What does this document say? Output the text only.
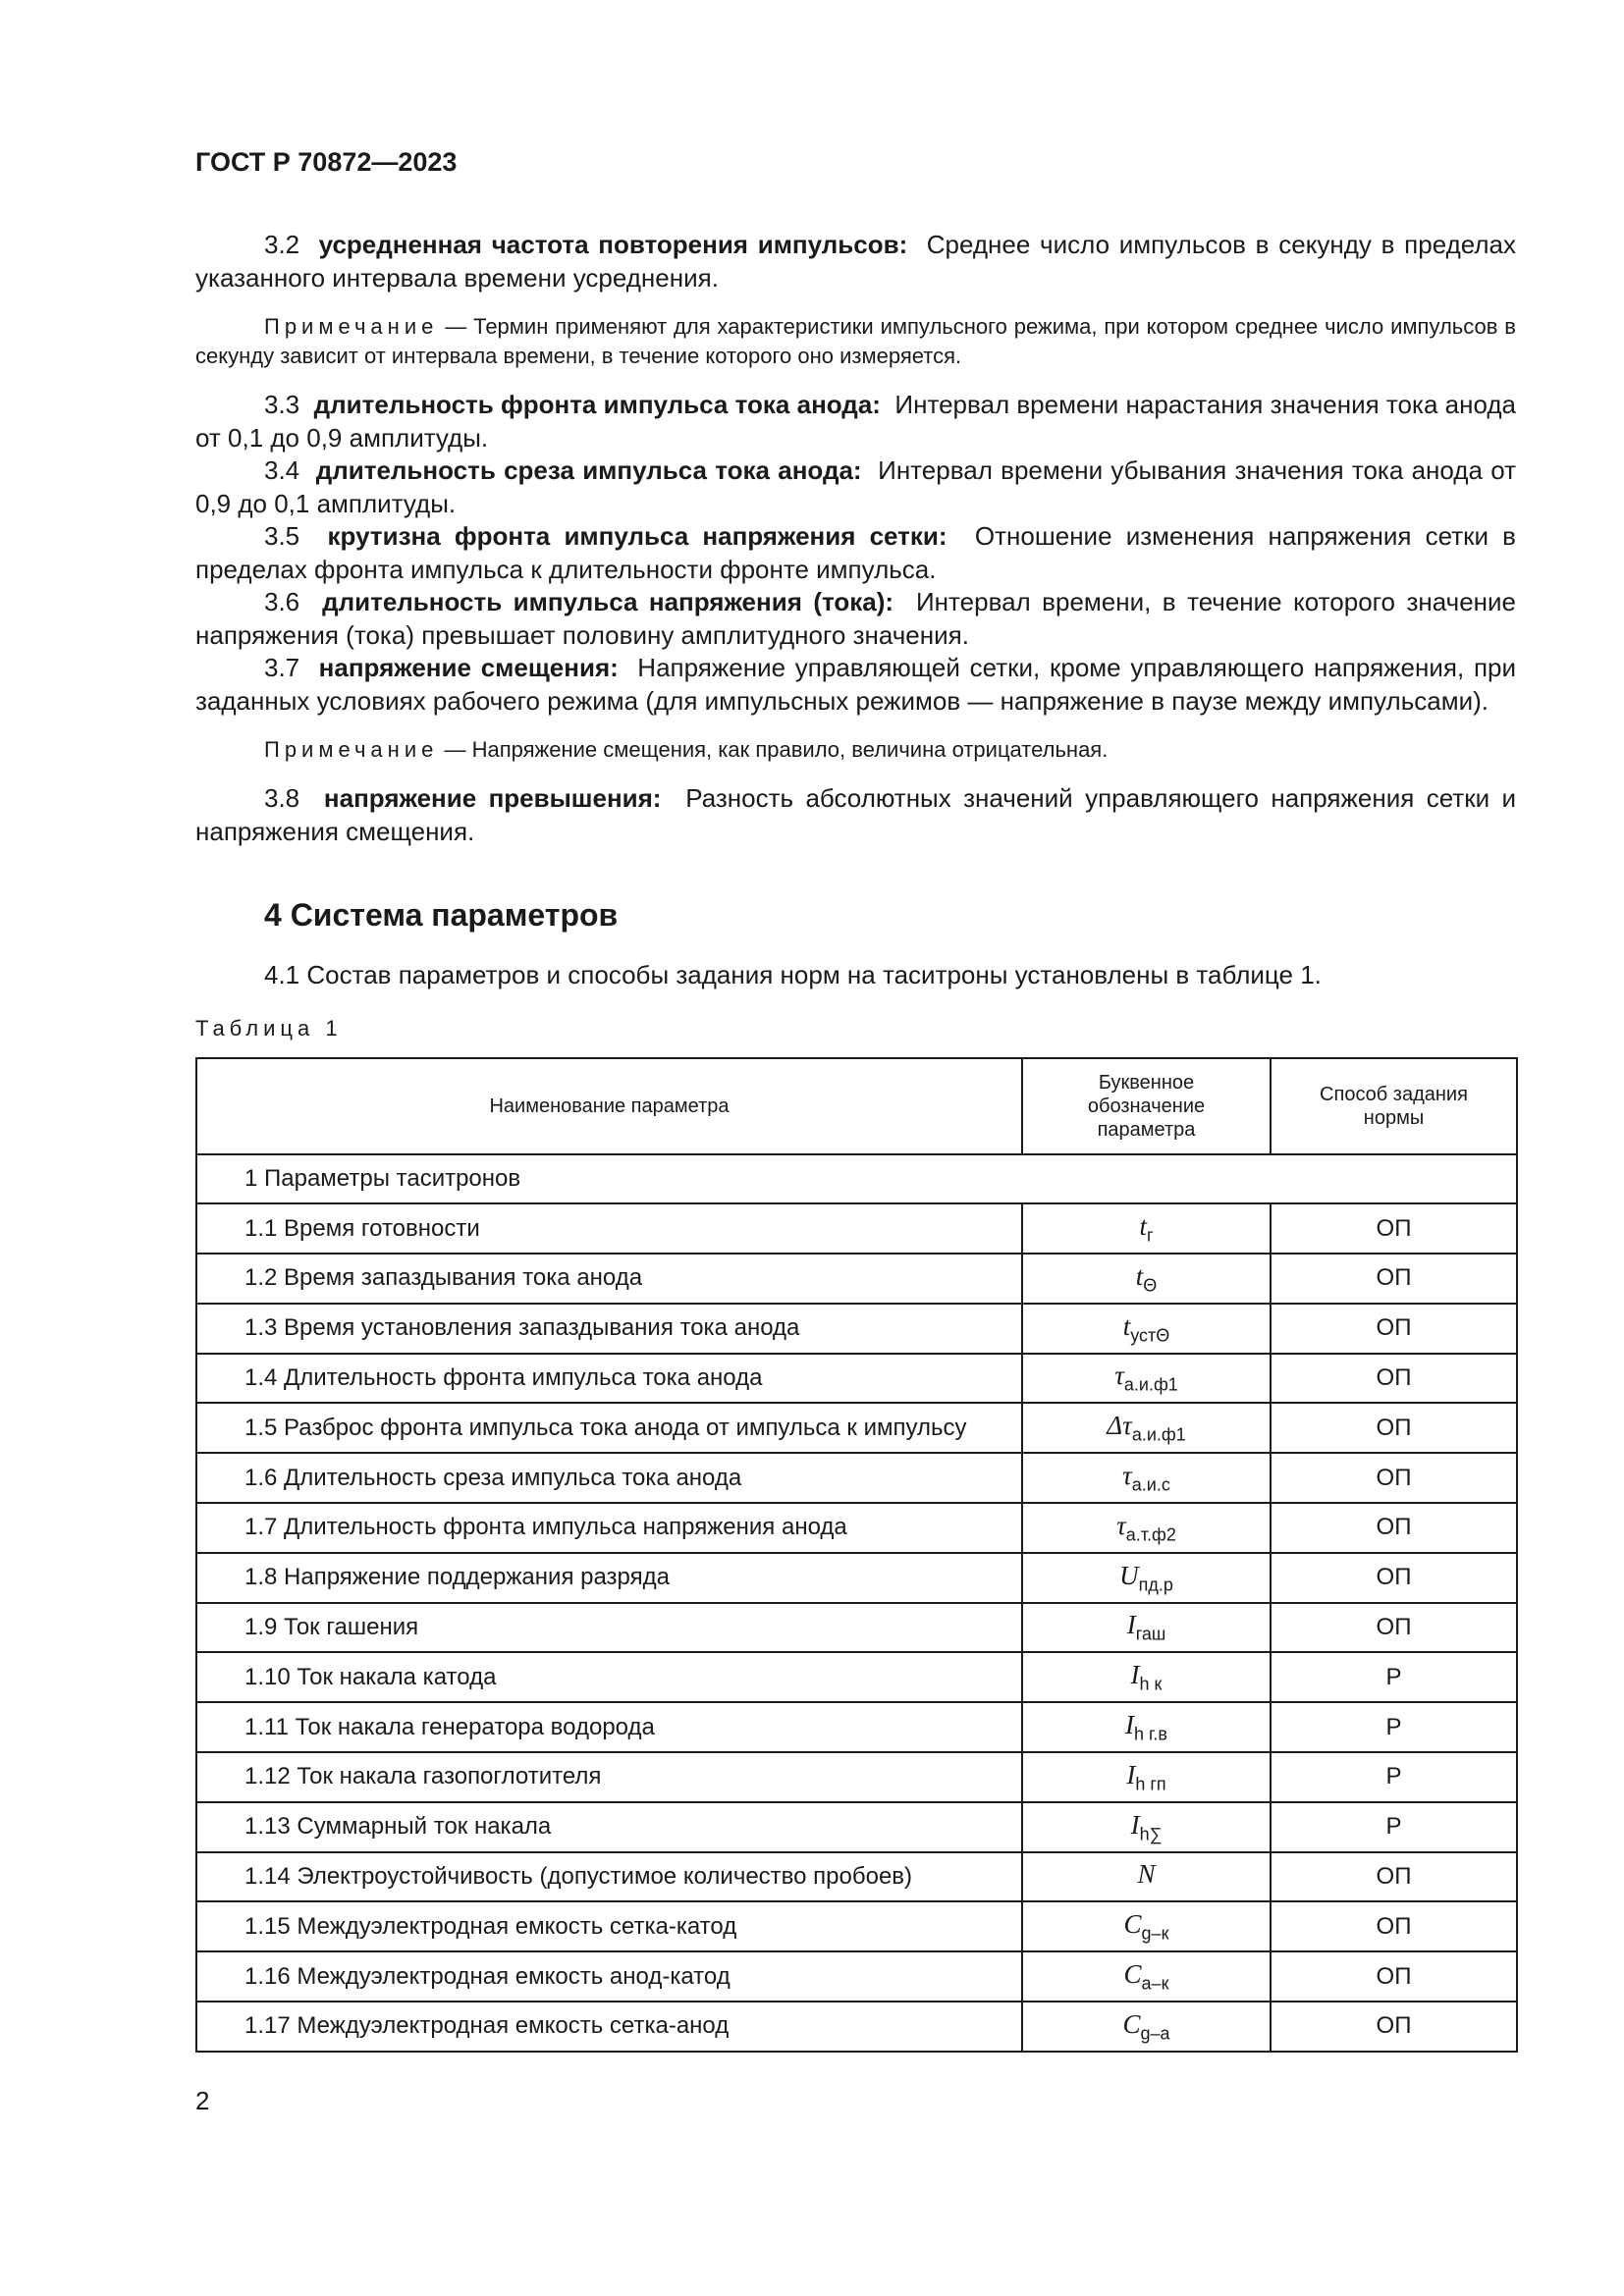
ГОСТ Р 70872—2023

3.2 усредненная частота повторения импульсов: Среднее число импульсов в секунду в пределах указанного интервала времени усреднения.

Примечание — Термин применяют для характеристики импульсного режима, при котором среднее число импульсов в секунду зависит от интервала времени, в течение которого оно измеряется.

3.3 длительность фронта импульса тока анода: Интервал времени нарастания значения тока анода от 0,1 до 0,9 амплитуды.

3.4 длительность среза импульса тока анода: Интервал времени убывания значения тока анода от 0,9 до 0,1 амплитуды.

3.5 крутизна фронта импульса напряжения сетки: Отношение изменения напряжения сетки в пределах фронта импульса к длительности фронте импульса.

3.6 длительность импульса напряжения (тока): Интервал времени, в течение которого значение напряжения (тока) превышает половину амплитудного значения.

3.7 напряжение смещения: Напряжение управляющей сетки, кроме управляющего напряжения, при заданных условиях рабочего режима (для импульсных режимов — напряжение в паузе между импульсами).

Примечание — Напряжение смещения, как правило, величина отрицательная.

3.8 напряжение превышения: Разность абсолютных значений управляющего напряжения сетки и напряжения смещения.

4 Система параметров

4.1 Состав параметров и способы задания норм на таситроны установлены в таблице 1.

Таблица 1
Наименование параметра	Буквенное обозначение параметра	Способ задания нормы
1 Параметры таситронов		
1.1 Время готовности	$t_г$	ОП
1.2 Время запаздывания тока анода	$t_\Theta$	ОП
1.3 Время установления запаздывания тока анода	$t_{уст\Theta}$	ОП
1.4 Длительность фронта импульса тока анода	$\tau_{а.и.ф1}$	ОП
1.5 Разброс фронта импульса тока анода от импульса к импульсу	$\Delta\tau_{а.и.ф1}$	ОП
1.6 Длительность среза импульса тока анода	$\tau_{а.и.с}$	ОП
1.7 Длительность фронта импульса напряжения анода	$\tau_{а.т.ф2}$	ОП
1.8 Напряжение поддержания разряда	$U_{пд.р}$	ОП
1.9 Ток гашения	$I_{гаш}$	ОП
1.10 Ток накала катода	$I_{h к}$	Р
1.11 Ток накала генератора водорода	$I_{h г.в}$	Р
1.12 Ток накала газопоглотителя	$I_{h гп}$	Р
1.13 Суммарный ток накала	$I_{h\sum}$	Р
1.14 Электроустойчивость (допустимое количество пробоев)	N	ОП
1.15 Междуэлектродная емкость сетка-катод	$C_{g-к}$	ОП
1.16 Междуэлектродная емкость анод-катод	$C_{а-к}$	ОП
1.17 Междуэлектродная емкость сетка-анод	$C_{g-а}$	ОП
2
